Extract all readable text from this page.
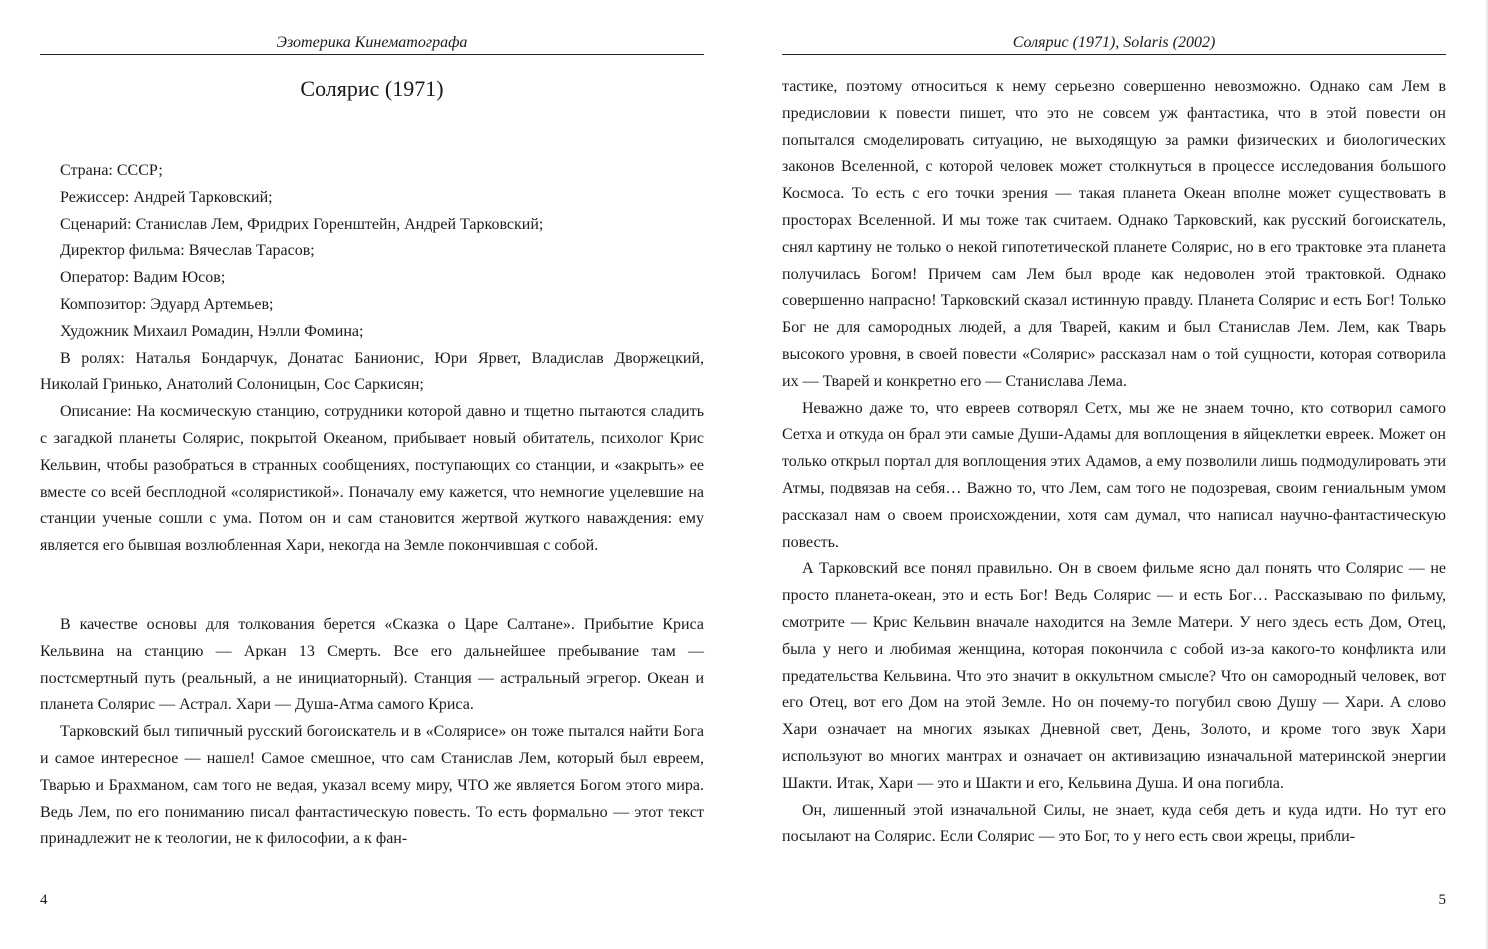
Эзотерика Кинематографа
Солярис (1971)
Страна: СССР;
Режиссер: Андрей Тарковский;
Сценарий: Станислав Лем, Фридрих Горенштейн, Андрей Тарковский;
Директор фильма: Вячеслав Тарасов;
Оператор: Вадим Юсов;
Композитор: Эдуард Артемьев;
Художник Михаил Ромадин, Нэлли Фомина;

В ролях: Наталья Бондарчук, Донатас Банионис, Юри Ярвет, Владислав Дворжецкий, Николай Гринько, Анатолий Солоницын, Сос Саркисян;

Описание: На космическую станцию, сотрудники которой давно и тщетно пытаются сладить с загадкой планеты Солярис, покрытой Океаном, прибывает новый обитатель, психолог Крис Кельвин, чтобы разобраться в странных сообщениях, поступающих со станции, и «закрыть» ее вместе со всей бесплодной «соляристикой». Поначалу ему кажется, что немногие уцелевшие на станции ученые сошли с ума. Потом он и сам становится жертвой жуткого наваждения: ему является его бывшая возлюбленная Хари, некогда на Земле покончившая с собой.

В качестве основы для толкования берется «Сказка о Царе Салтане». Прибытие Криса Кельвина на станцию — Аркан 13 Смерть. Все его дальнейшее пребывание там — постсмертный путь (реальный, а не инициаторный). Станция — астральный эгрегор. Океан и планета Солярис — Астрал. Хари — Душа-Атма самого Криса.

Тарковский был типичный русский богоискатель и в «Солярисе» он тоже пытался найти Бога и самое интересное — нашел! Самое смешное, что сам Станислав Лем, который был евреем, Тварью и Брахманом, сам того не ведая, указал всему миру, ЧТО же является Богом этого мира. Ведь Лем, по его пониманию писал фантастическую повесть. То есть формально — этот текст принадлежит не к теологии, не к философии, а к фан-

4
Солярис (1971), Solaris (2002)

тастике, поэтому относиться к нему серьезно совершенно невозможно. Однако сам Лем в предисловии к повести пишет, что это не совсем уж фантастика, что в этой повести он попытался смоделировать ситуацию, не выходящую за рамки физических и биологических законов Вселенной, с которой человек может столкнуться в процессе исследования большого Космоса. То есть с его точки зрения — такая планета Океан вполне может существовать в просторах Вселенной. И мы тоже так считаем. Однако Тарковский, как русский богоискатель, снял картину не только о некой гипотетической планете Солярис, но в его трактовке эта планета получилась Богом! Причем сам Лем был вроде как недоволен этой трактовкой. Однако совершенно напрасно! Тарковский сказал истинную правду. Планета Солярис и есть Бог! Только Бог не для самородных людей, а для Тварей, каким и был Станислав Лем. Лем, как Тварь высокого уровня, в своей повести «Солярис» рассказал нам о той сущности, которая сотворила их — Тварей и конкретно его — Станислава Лема.

Неважно даже то, что евреев сотворял Сетх, мы же не знаем точно, кто сотворил самого Сетха и откуда он брал эти самые Души-Адамы для воплощения в яйцеклетки евреек. Может он только открыл портал для воплощения этих Адамов, а ему позволили лишь подмодулировать эти Атмы, подвязав на себя… Важно то, что Лем, сам того не подозревая, своим гениальным умом рассказал нам о своем происхождении, хотя сам думал, что написал научно-фантастическую повесть.

А Тарковский все понял правильно. Он в своем фильме ясно дал понять что Солярис — не просто планета-океан, это и есть Бог! Ведь Солярис — и есть Бог… Рассказываю по фильму, смотрите — Крис Кельвин вначале находится на Земле Матери. У него здесь есть Дом, Отец, была у него и любимая женщина, которая покончила с собой из-за какого-то конфликта или предательства Кельвина. Что это значит в оккультном смысле? Что он самородный человек, вот его Отец, вот его Дом на этой Земле. Но он почему-то погубил свою Душу — Хари. А слово Хари означает на многих языках Дневной свет, День, Золото, и кроме того звук Хари используют во многих мантрах и означает он активизацию изначальной материнской энергии Шакти. Итак, Хари — это и Шакти и его, Кельвина Душа. И она погибла.

Он, лишенный этой изначальной Силы, не знает, куда себя деть и куда идти. Но тут его посылают на Солярис. Если Солярис — это Бог, то у него есть свои жрецы, прибли-

5
